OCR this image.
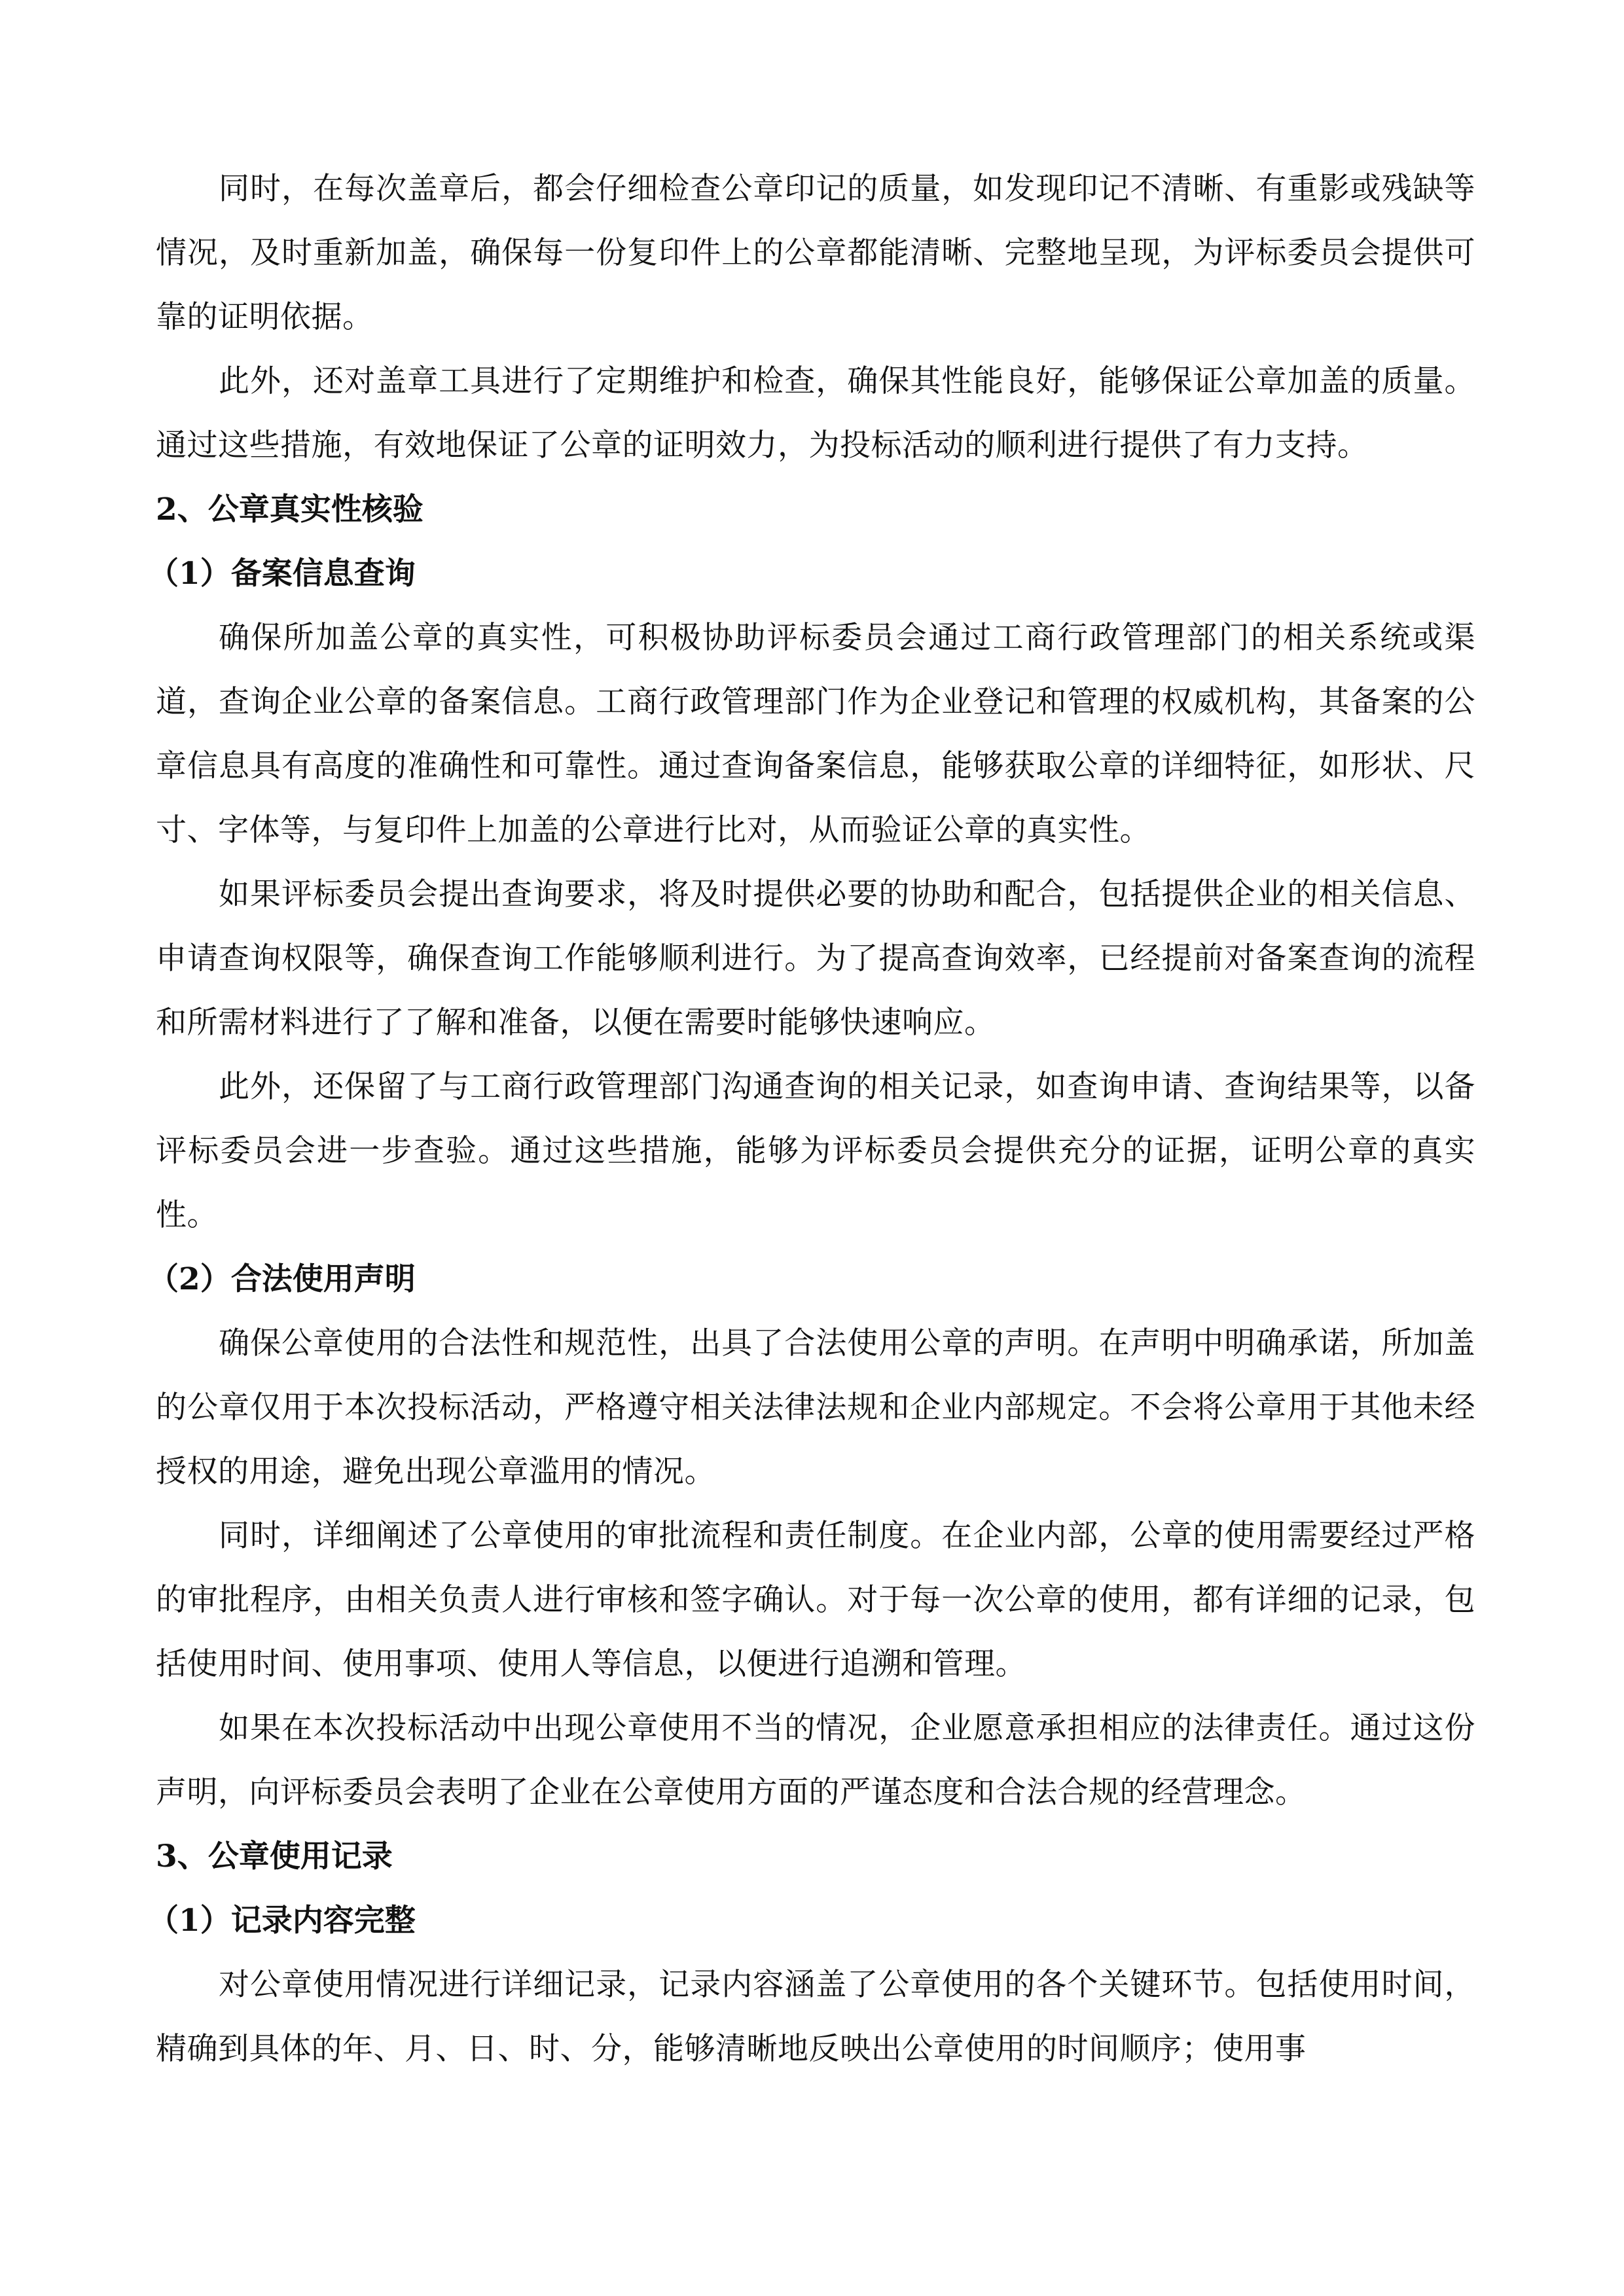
同时，在每次盖章后，都会仔细检查公章印记的质量，如发现印记不清晰、有重影或残缺等情况，及时重新加盖，确保每一份复印件上的公章都能清晰、完整地呈现，为评标委员会提供可靠的证明依据。

此外，还对盖章工具进行了定期维护和检查，确保其性能良好，能够保证公章加盖的质量。通过这些措施，有效地保证了公章的证明效力，为投标活动的顺利进行提供了有力支持。

2、公章真实性核验
（1）备案信息查询

确保所加盖公章的真实性，可积极协助评标委员会通过工商行政管理部门的相关系统或渠道，查询企业公章的备案信息。工商行政管理部门作为企业登记和管理的权威机构，其备案的公章信息具有高度的准确性和可靠性。通过查询备案信息，能够获取公章的详细特征，如形状、尺寸、字体等，与复印件上加盖的公章进行比对，从而验证公章的真实性。

如果评标委员会提出查询要求，将及时提供必要的协助和配合，包括提供企业的相关信息、申请查询权限等，确保查询工作能够顺利进行。为了提高查询效率，已经提前对备案查询的流程和所需材料进行了了解和准备，以便在需要时能够快速响应。

此外，还保留了与工商行政管理部门沟通查询的相关记录，如查询申请、查询结果等，以备评标委员会进一步查验。通过这些措施，能够为评标委员会提供充分的证据，证明公章的真实性。

（2）合法使用声明

确保公章使用的合法性和规范性，出具了合法使用公章的声明。在声明中明确承诺，所加盖的公章仅用于本次投标活动，严格遵守相关法律法规和企业内部规定。不会将公章用于其他未经授权的用途，避免出现公章滥用的情况。

同时，详细阐述了公章使用的审批流程和责任制度。在企业内部，公章的使用需要经过严格的审批程序，由相关负责人进行审核和签字确认。对于每一次公章的使用，都有详细的记录，包括使用时间、使用事项、使用人等信息，以便进行追溯和管理。

如果在本次投标活动中出现公章使用不当的情况，企业愿意承担相应的法律责任。通过这份声明，向评标委员会表明了企业在公章使用方面的严谨态度和合法合规的经营理念。

3、公章使用记录
（1）记录内容完整

对公章使用情况进行详细记录，记录内容涵盖了公章使用的各个关键环节。包括使用时间，精确到具体的年、月、日、时、分，能够清晰地反映出公章使用的时间顺序；使用事
